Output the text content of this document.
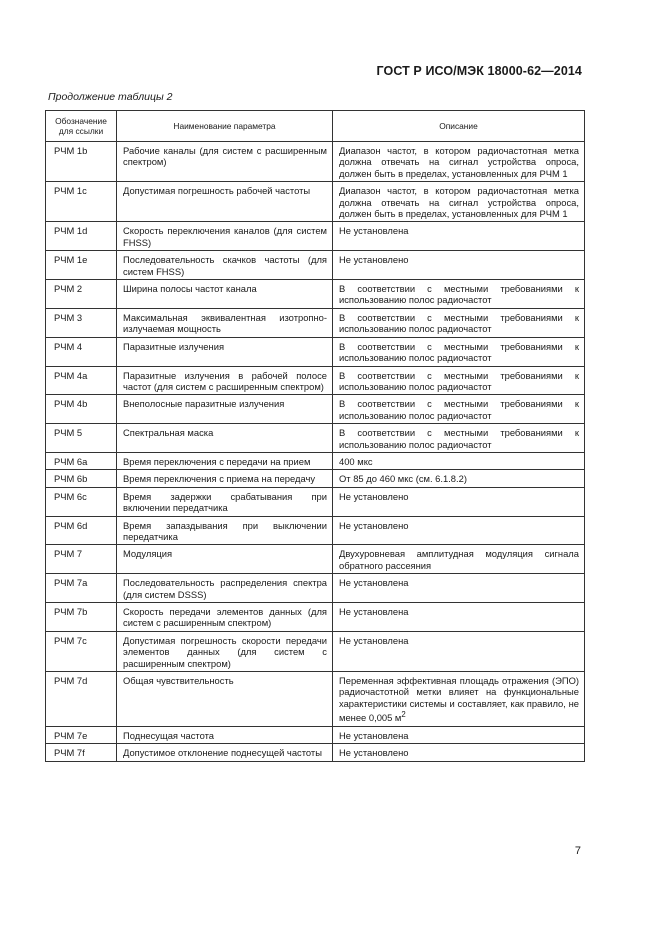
ГОСТ Р ИСО/МЭК 18000-62—2014
Продолжение таблицы 2
Обозначение для ссылки	Наименование параметра	Описание
РЧМ 1b	Рабочие каналы (для систем с расширенным спектром)	Диапазон частот, в котором радиочастотная метка должна отвечать на сигнал устройства опроса, должен быть в пределах, установленных для РЧМ 1
РЧМ 1с	Допустимая погрешность рабочей частоты	Диапазон частот, в котором радиочастотная метка должна отвечать на сигнал устройства опроса, должен быть в пределах, установленных для РЧМ 1
РЧМ 1d	Скорость переключения каналов (для систем FHSS)	Не установлена
РЧМ 1е	Последовательность скачков частоты (для систем FHSS)	Не установлено
РЧМ 2	Ширина полосы частот канала	В соответствии с местными требованиями к использованию полос радиочастот
РЧМ 3	Максимальная эквивалентная изотропно-излучаемая мощность	В соответствии с местными требованиями к использованию полос радиочастот
РЧМ 4	Паразитные излучения	В соответствии с местными требованиями к использованию полос радиочастот
РЧМ 4а	Паразитные излучения в рабочей полосе частот (для систем с расширенным спектром)	В соответствии с местными требованиями к использованию полос радиочастот
РЧМ 4b	Внеполосные паразитные излучения	В соответствии с местными требованиями к использованию полос радиочастот
РЧМ 5	Спектральная маска	В соответствии с местными требованиями к использованию полос радиочастот
РЧМ 6а	Время переключения с передачи на прием	400 мкс
РЧМ 6b	Время переключения с приема на передачу	От 85 до 460 мкс (см. 6.1.8.2)
РЧМ 6с	Время задержки срабатывания при включении передатчика	Не установлено
РЧМ 6d	Время запаздывания при выключении передатчика	Не установлено
РЧМ 7	Модуляция	Двухуровневая амплитудная модуляция сигнала обратного рассеяния
РЧМ 7а	Последовательность распределения спектра (для систем DSSS)	Не установлена
РЧМ 7b	Скорость передачи элементов данных (для систем с расширенным спектром)	Не установлена
РЧМ 7с	Допустимая погрешность скорости передачи элементов данных (для систем с расширенным спектром)	Не установлена
РЧМ 7d	Общая чувствительность	Переменная эффективная площадь отражения (ЭПО) радиочастотной метки влияет на функциональные характеристики системы и составляет, как правило, не менее 0,005 $м^2$
РЧМ 7е	Поднесущая частота	Не установлена
РЧМ 7f	Допустимое отклонение поднесущей частоты	Не установлено
7
